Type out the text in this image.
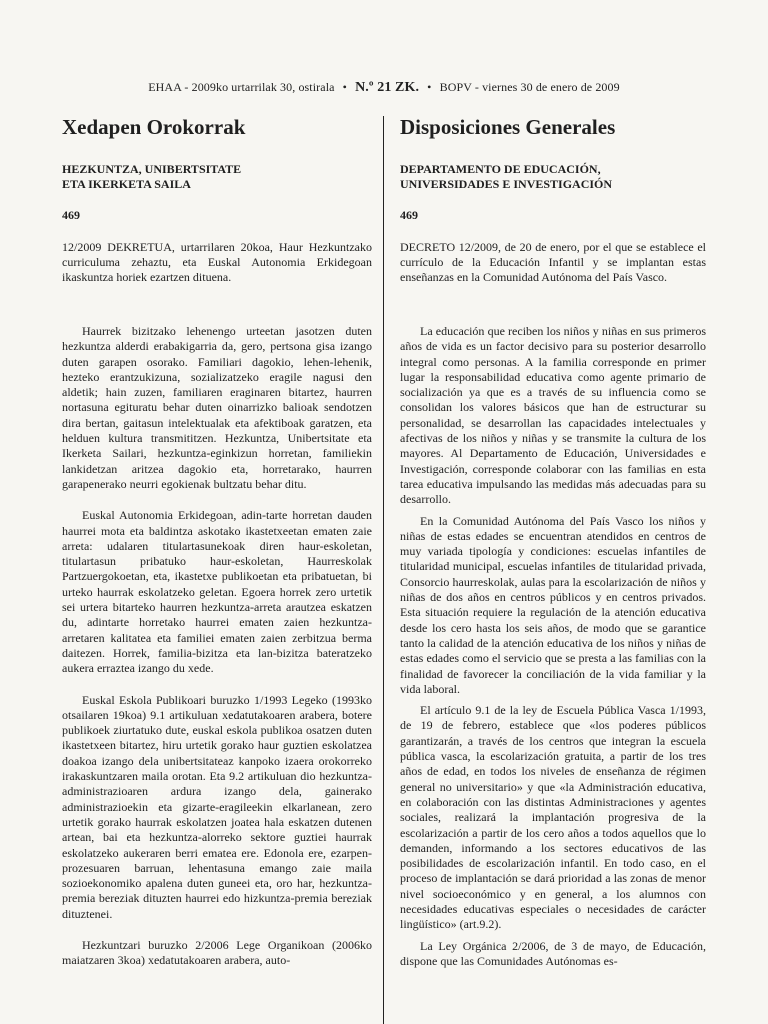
EHAA - 2009ko urtarrilak 30, ostirala • N.º 21 ZK. • BOPV - viernes 30 de enero de 2009
Xedapen Orokorrak
HEZKUNTZA, UNIBERTSITATE
ETA IKERKETA SAILA
469

12/2009 DEKRETUA, urtarrilaren 20koa, Haur Hezkuntzako curriculuma zehaztu, eta Euskal Autonomia Erkidegoan ikaskuntza horiek ezartzen dituena.

Haurrek bizitzako lehenengo urteetan jasotzen duten hezkuntza alderdi erabakigarria da, gero, pertsona gisa izango duten garapen osorako. Familiari dagokio, lehen-lehenik, hezteko erantzukizuna, sozializatzeko eragile nagusi den aldetik; hain zuzen, familiaren eraginaren bitartez, haurren nortasuna egituratu behar duten oinarrizko balioak sendotzen dira bertan, gaitasun intelektualak eta afektiboak garatzen, eta helduen kultura transmititzen. Hezkuntza, Unibertsitate eta Ikerketa Sailari, hezkuntza-eginkizun horretan, familiekin lankidetzan aritzea dagokio eta, horretarako, haurren garapenerako neurri egokienak bultzatu behar ditu.

Euskal Autonomia Erkidegoan, adin-tarte horretan dauden haurrei mota eta baldintza askotako ikastetxeetan ematen zaie arreta: udalaren titulartasunekoak diren haur-eskoletan, titulartasun pribatuko haur-eskoletan, Haurreskolak Partzuergokoetan, eta, ikastetxe publikoetan eta pribatuetan, bi urteko haurrak eskolatzeko geletan. Egoera horrek zero urtetik sei urtera bitarteko haurren hezkuntza-arreta arautzea eskatzen du, adintarte horretako haurrei ematen zaien hezkuntza-arretaren kalitatea eta familiei ematen zaien zerbitzua berma daitezen. Horrek, familia-bizitza eta lan-bizitza bateratzeko aukera erraztea izango du xede.

Euskal Eskola Publikoari buruzko 1/1993 Legeko (1993ko otsailaren 19koa) 9.1 artikuluan xedatutakoaren arabera, botere publikoek ziurtatuko dute, euskal eskola publikoa osatzen duten ikastetxeen bitartez, hiru urtetik gorako haur guztien eskolatzea doakoa izango dela unibertsitateaz kanpoko izaera orokorreko irakaskuntzaren maila orotan. Eta 9.2 artikuluan dio hezkuntza-administrazioaren ardura izango dela, gainerako administrazioekin eta gizarte-eragileekin elkarlanean, zero urtetik gorako haurrak eskolatzen joatea hala eskatzen dutenen artean, bai eta hezkuntza-alorreko sektore guztiei haurrak eskolatzeko aukeraren berri ematea ere. Edonola ere, ezarpen-prozesuaren barruan, lehentasuna emango zaie maila sozioekonomiko apalena duten guneei eta, oro har, hezkuntza-premia bereziak dituzten haurrei edo hizkuntza-premia bereziak dituztenei.

Hezkuntzari buruzko 2/2006 Lege Organikoan (2006ko maiatzaren 3koa) xedatutakoaren arabera, auto-

Disposiciones Generales
DEPARTAMENTO DE EDUCACIÓN,
UNIVERSIDADES E INVESTIGACIÓN
469

DECRETO 12/2009, de 20 de enero, por el que se establece el currículo de la Educación Infantil y se implantan estas enseñanzas en la Comunidad Autónoma del País Vasco.

La educación que reciben los niños y niñas en sus primeros años de vida es un factor decisivo para su posterior desarrollo integral como personas. A la familia corresponde en primer lugar la responsabilidad educativa como agente primario de socialización ya que es a través de su influencia como se consolidan los valores básicos que han de estructurar su personalidad, se desarrollan las capacidades intelectuales y afectivas de los niños y niñas y se transmite la cultura de los mayores. Al Departamento de Educación, Universidades e Investigación, corresponde colaborar con las familias en esta tarea educativa impulsando las medidas más adecuadas para su desarrollo.

En la Comunidad Autónoma del País Vasco los niños y niñas de estas edades se encuentran atendidos en centros de muy variada tipología y condiciones: escuelas infantiles de titularidad municipal, escuelas infantiles de titularidad privada, Consorcio haurreskolak, aulas para la escolarización de niños y niñas de dos años en centros públicos y en centros privados. Esta situación requiere la regulación de la atención educativa desde los cero hasta los seis años, de modo que se garantice tanto la calidad de la atención educativa de los niños y niñas de estas edades como el servicio que se presta a las familias con la finalidad de favorecer la conciliación de la vida familiar y la vida laboral.

El artículo 9.1 de la ley de Escuela Pública Vasca 1/1993, de 19 de febrero, establece que «los poderes públicos garantizarán, a través de los centros que integran la escuela pública vasca, la escolarización gratuita, a partir de los tres años de edad, en todos los niveles de enseñanza de régimen general no universitario» y que «la Administración educativa, en colaboración con las distintas Administraciones y agentes sociales, realizará la implantación progresiva de la escolarización a partir de los cero años a todos aquellos que lo demanden, informando a los sectores educativos de las posibilidades de escolarización infantil. En todo caso, en el proceso de implantación se dará prioridad a las zonas de menor nivel socioeconómico y en general, a los alumnos con necesidades educativas especiales o necesidades de carácter lingüístico» (art.9.2).

La Ley Orgánica 2/2006, de 3 de mayo, de Educación, dispone que las Comunidades Autónomas es-
